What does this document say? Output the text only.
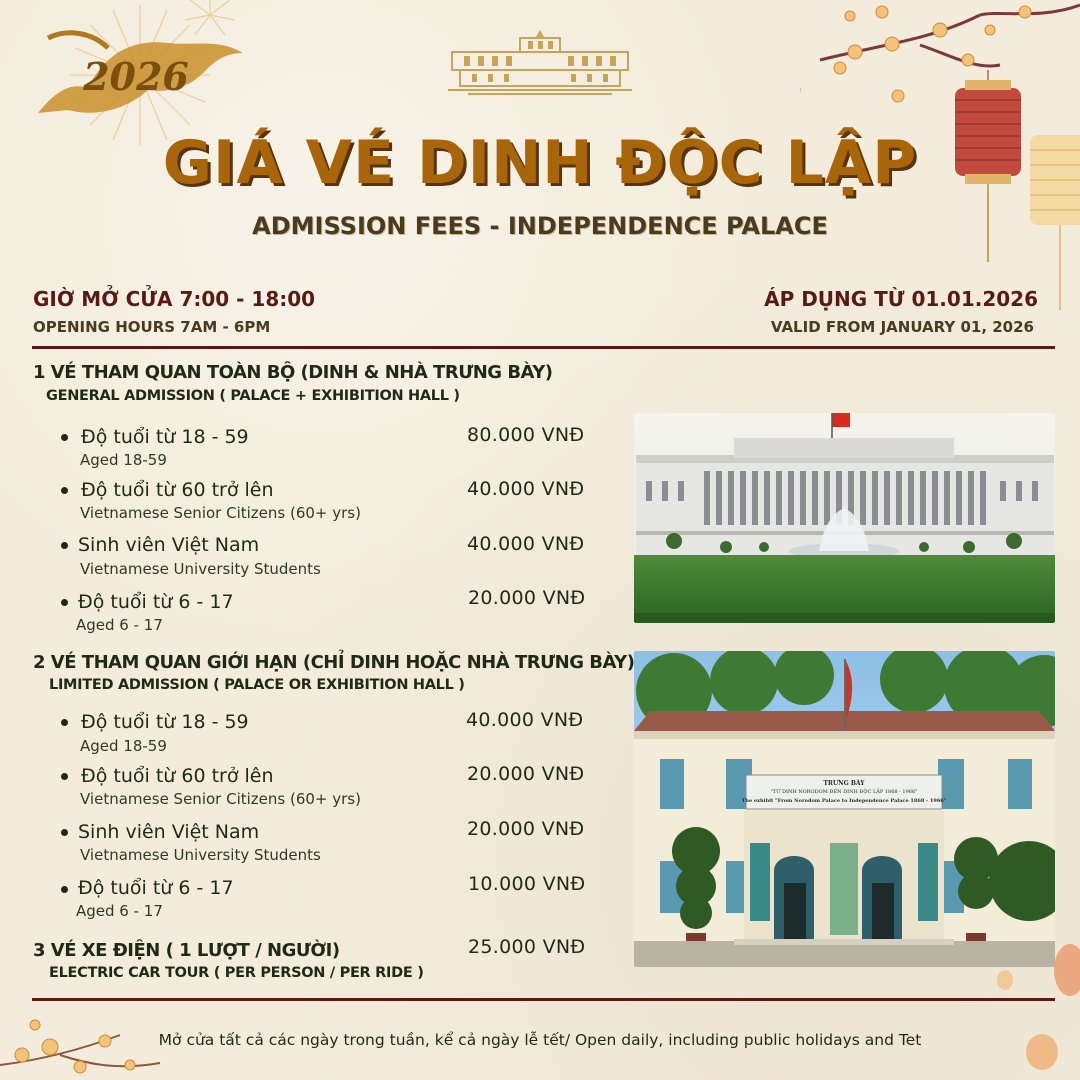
2026
GIÁ VÉ DINH ĐỘC LẬP
ADMISSION FEES - INDEPENDENCE PALACE
GIỜ MỞ CỬA 7:00 - 18:00
OPENING HOURS 7AM - 6PM
ÁP DỤNG TỪ 01.01.2026
VALID FROM JANUARY 01, 2026
1 VÉ THAM QUAN TOÀN BỘ (DINH & NHÀ TRƯNG BÀY)
GENERAL ADMISSION ( PALACE + EXHIBITION HALL )
Độ tuổi từ 18 - 59
Aged 18-59
80.000 VNĐ
Độ tuổi từ 60 trở lên
Vietnamese Senior Citizens (60+ yrs)
40.000 VNĐ
Sinh viên Việt Nam
Vietnamese University Students
40.000 VNĐ
Độ tuổi từ 6 - 17
Aged 6 - 17
20.000 VNĐ
2 VÉ THAM QUAN GIỚI HẠN (CHỈ DINH HOẶC NHÀ TRƯNG BÀY)
LIMITED ADMISSION ( PALACE OR EXHIBITION HALL )
Độ tuổi từ 18 - 59
Aged 18-59
40.000 VNĐ
Độ tuổi từ 60 trở lên
Vietnamese Senior Citizens (60+ yrs)
20.000 VNĐ
Sinh viên Việt Nam
Vietnamese University Students
20.000 VNĐ
Độ tuổi từ 6 - 17
Aged 6 - 17
10.000 VNĐ
3 VÉ XE ĐIỆN ( 1 LƯỢT / NGƯỜI)
ELECTRIC CAR TOUR ( PER PERSON / PER RIDE )
25.000 VNĐ
TRƯNG BÀY
"TỪ DINH NORODOM ĐẾN DINH ĐỘC LẬP 1868 - 1966"
The exhibit "From Norodom Palace to Independence Palace 1868 - 1966"
Mở cửa tất cả các ngày trong tuần, kể cả ngày lễ tết/ Open daily, including public holidays and Tet
